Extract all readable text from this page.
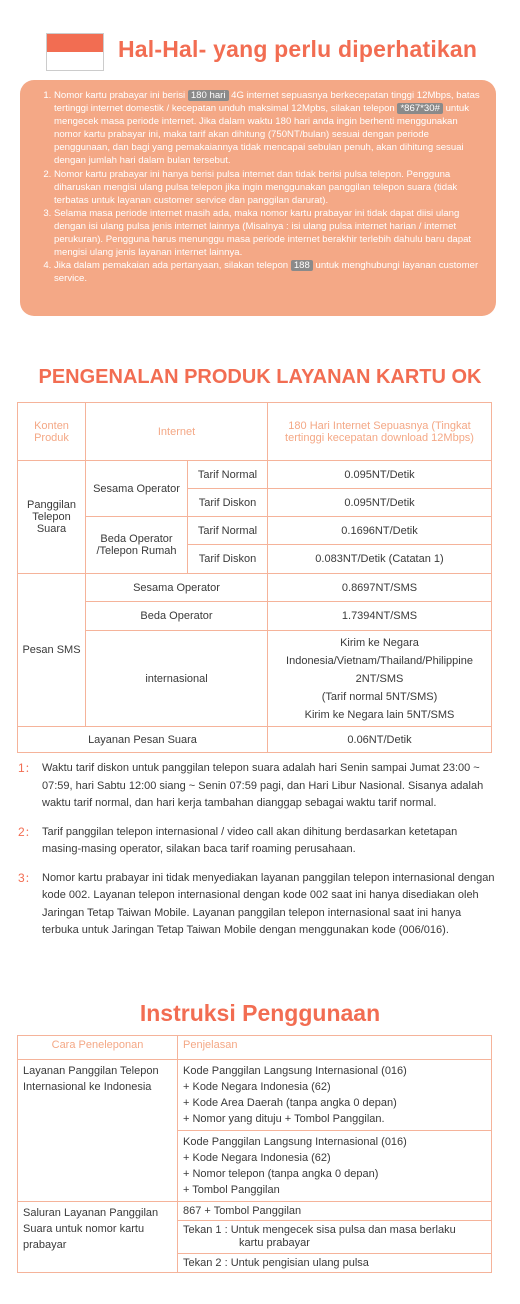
Hal-Hal- yang perlu diperhatikan
1. Nomor kartu prabayar ini berisi 180 hari 4G internet sepuasnya berkecepatan tinggi 12Mbps, batas tertinggi internet domestik / kecepatan unduh maksimal 12Mpbs, silakan telepon *867*30# untuk mengecek masa periode internet. Jika dalam waktu 180 hari anda ingin berhenti menggunakan nomor kartu prabayar ini, maka tarif akan dihitung (750NT/bulan) sesuai dengan periode penggunaan, dan bagi yang pemakaiannya tidak mencapai sebulan penuh, akan dihitung sesuai dengan jumlah hari dalam bulan tersebut.
2. Nomor kartu prabayar ini hanya berisi pulsa internet dan tidak berisi pulsa telepon. Pengguna diharuskan mengisi ulang pulsa telepon jika ingin menggunakan panggilan telepon suara (tidak terbatas untuk layanan customer service dan panggilan darurat).
3. Selama masa periode internet masih ada, maka nomor kartu prabayar ini tidak dapat diisi ulang dengan isi ulang pulsa jenis internet lainnya (Misalnya : isi ulang pulsa internet harian / internet perukuran). Pengguna harus menunggu masa periode internet berakhir terlebih dahulu baru dapat mengisi ulang jenis layanan internet lainnya.
4. Jika dalam pemakaian ada pertanyaan, silakan telepon 188 untuk menghubungi layanan customer service.
PENGENALAN PRODUK LAYANAN KARTU OK
Konten Produk	Internet		180 Hari Internet Sepuasnya (Tingkat tertinggi kecepatan download 12Mbps)
Panggilan Telepon Suara	Sesama Operator	Tarif Normal	0.095NT/Detik
		Tarif Diskon	0.095NT/Detik
	Beda Operator /Telepon Rumah	Tarif Normal	0.1696NT/Detik
		Tarif Diskon	0.083NT/Detik (Catatan 1)
Pesan SMS	Sesama Operator		0.8697NT/SMS
	Beda Operator		1.7394NT/SMS
	internasional		Kirim ke Negara
Indonesia/Vietnam/Thailand/Philippine
2NT/SMS
(Tarif normal 5NT/SMS)
Kirim ke Negara lain 5NT/SMS

Layanan Pesan Suara			0.06NT/Detik
1： Waktu tarif diskon untuk panggilan telepon suara adalah hari Senin sampai Jumat 23:00 ~ 07:59, hari Sabtu 12:00 siang ~ Senin 07:59 pagi, dan Hari Libur Nasional. Sisanya adalah waktu tarif normal, dan hari kerja tambahan dianggap sebagai waktu tarif normal.
2： Tarif panggilan telepon internasional / video call akan dihitung berdasarkan ketetapan masing-masing operator, silakan baca tarif roaming perusahaan.
3： Nomor kartu prabayar ini tidak menyediakan layanan panggilan telepon internasional dengan kode 002. Layanan telepon internasional dengan kode 002 saat ini hanya disediakan oleh Jaringan Tetap Taiwan Mobile. Layanan panggilan telepon internasional saat ini hanya terbuka untuk Jaringan Tetap Taiwan Mobile dengan menggunakan kode (006/016).
Instruksi Penggunaan
Cara Peneleponan	Penjelasan
Layanan Panggilan Telepon Internasional ke Indonesia	Kode Panggilan Langsung Internasional (016)
+ Kode Negara Indonesia (62)
+ Kode Area Daerah (tanpa angka 0 depan)
+ Nomor yang dituju + Tombol Panggilan.

	Kode Panggilan Langsung Internasional (016)
+ Kode Negara Indonesia (62)
+ Nomor telepon (tanpa angka 0 depan)
+ Tombol Panggilan

Saluran Layanan Panggilan Suara untuk nomor kartu prabayar	867 + Tombol Panggilan

	Tekan 1 : Untuk mengecek sisa pulsa dan masa berlaku
kartu prabayar

	Tekan 2 : Untuk pengisian ulang pulsa
